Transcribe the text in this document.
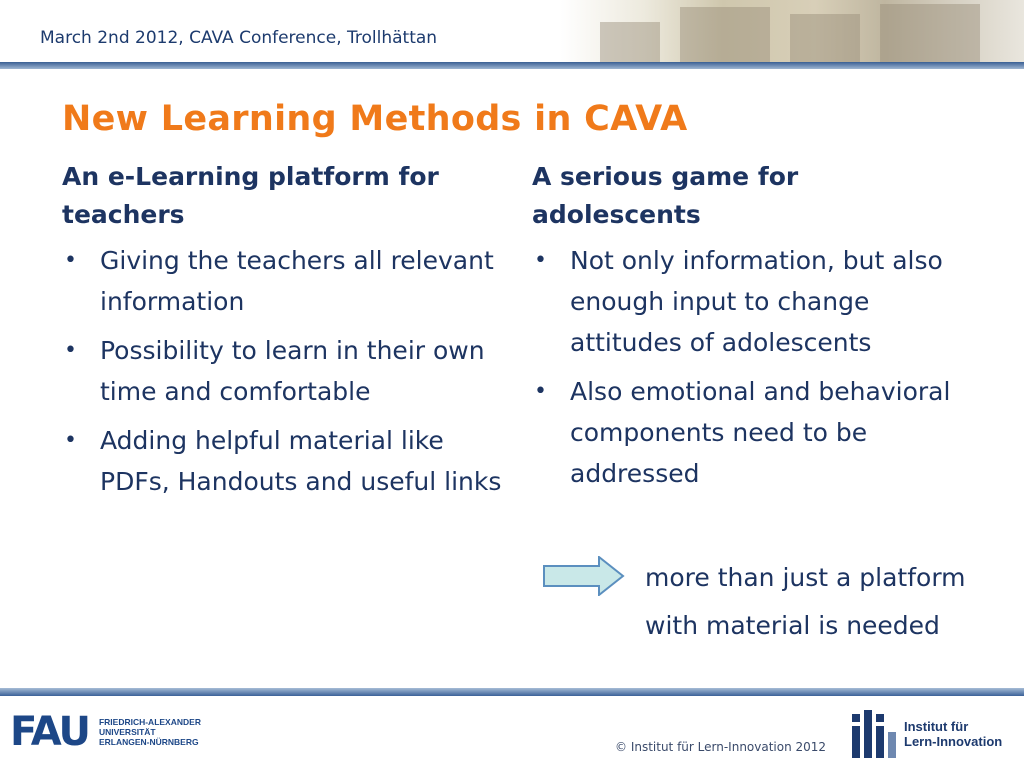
March 2nd 2012, CAVA Conference, Trollhättan
New Learning Methods in CAVA
An e-Learning platform for teachers
• Giving the teachers all relevant information
• Possibility to learn in their own time and comfortable
• Adding helpful material like PDFs, Handouts and useful links
A serious game for adolescents
• Not only information, but also enough input to change attitudes of adolescents
• Also emotional and behavioral components need to be addressed
more than just a platform with material is needed
FAU FRIEDRICH-ALEXANDER
UNIVERSITÄT
ERLANGEN-NÜRNBERG	© Institut für Lern-Innovation 2012
Institut für
Lern-Innovation
